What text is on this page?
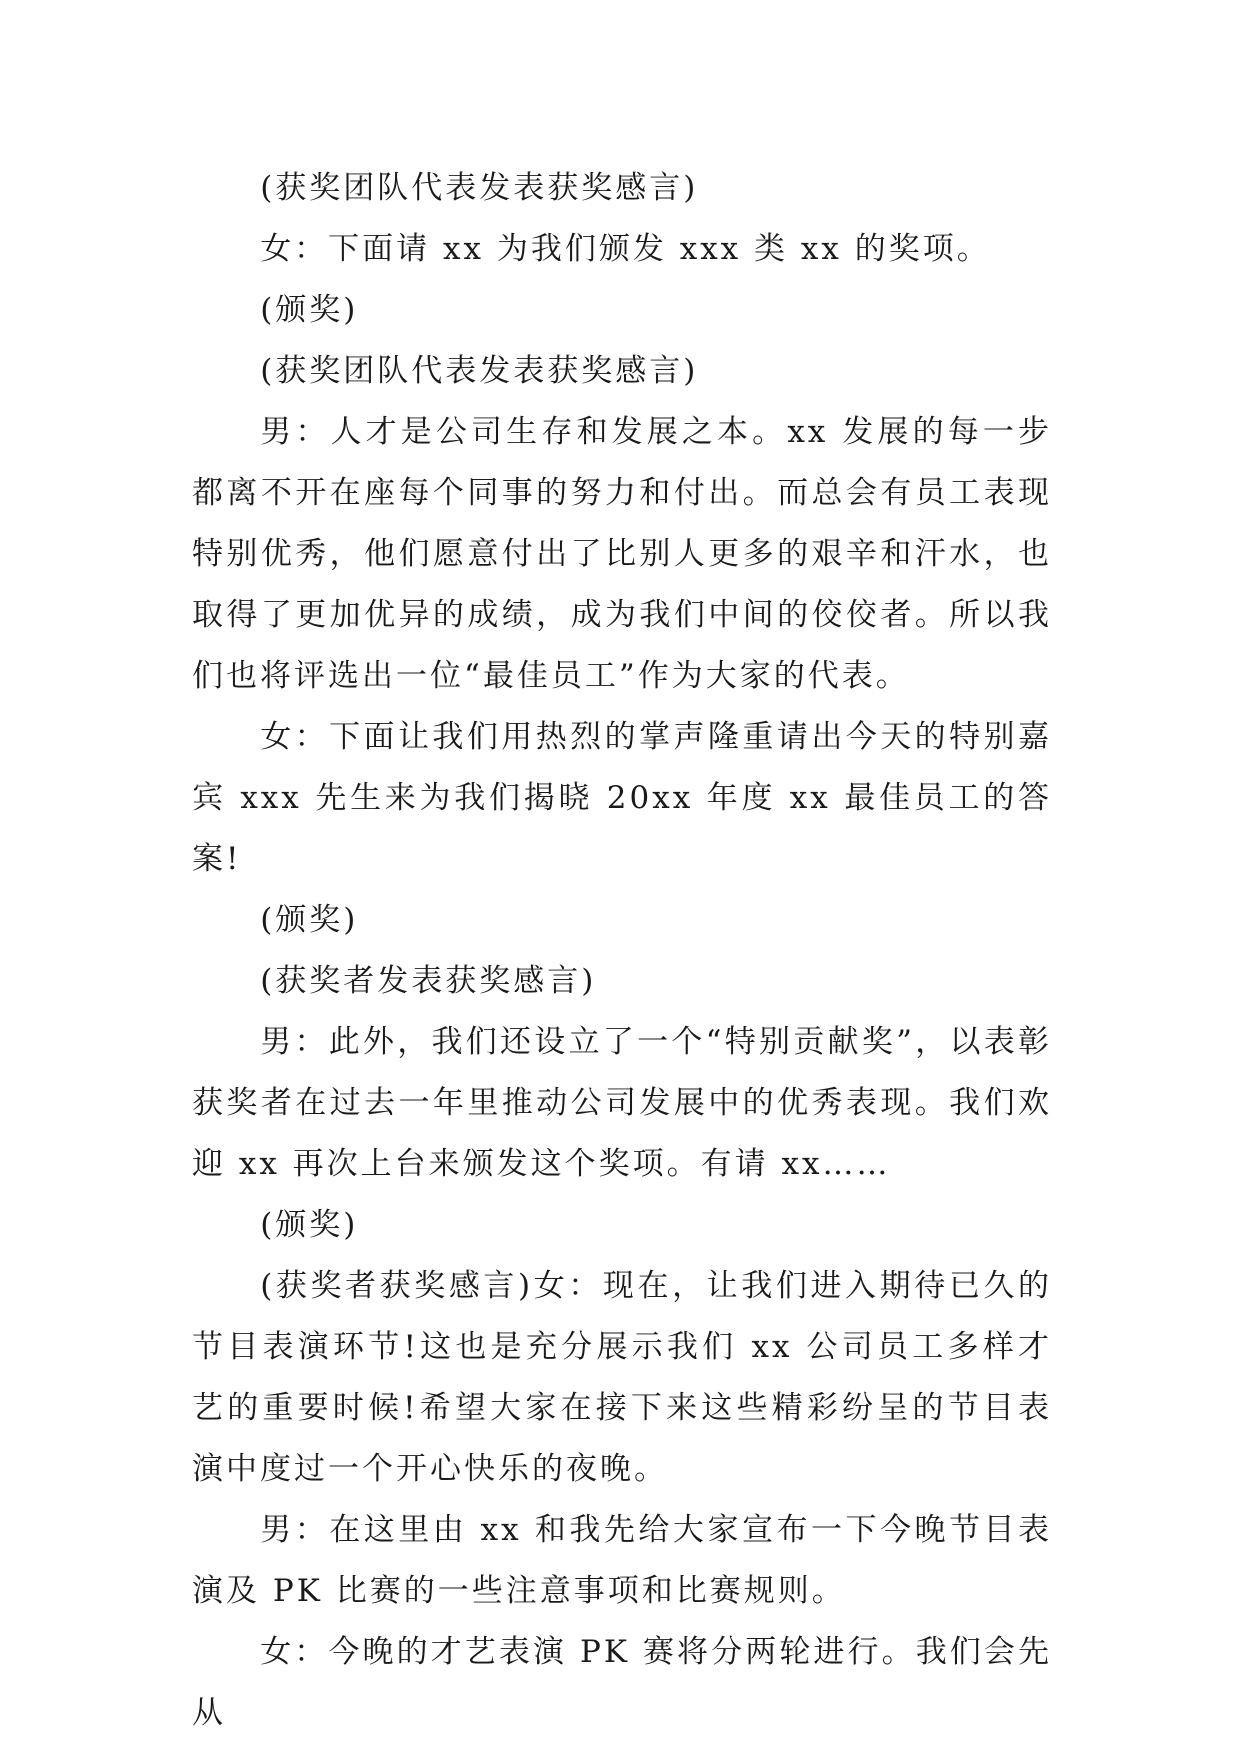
(获奖团队代表发表获奖感言)

女：下面请 xx 为我们颁发 xxx 类 xx 的奖项。

(颁奖)

(获奖团队代表发表获奖感言)

男：人才是公司生存和发展之本。xx 发展的每一步都离不开在座每个同事的努力和付出。而总会有员工表现特别优秀，他们愿意付出了比别人更多的艰辛和汗水，也取得了更加优异的成绩，成为我们中间的佼佼者。所以我们也将评选出一位“最佳员工”作为大家的代表。

女：下面让我们用热烈的掌声隆重请出今天的特别嘉宾 xxx 先生来为我们揭晓 20xx 年度 xx 最佳员工的答案!

(颁奖)

(获奖者发表获奖感言)

男：此外，我们还设立了一个“特别贡献奖”，以表彰获奖者在过去一年里推动公司发展中的优秀表现。我们欢迎 xx 再次上台来颁发这个奖项。有请 xx……

(颁奖)

(获奖者获奖感言)女：现在，让我们进入期待已久的节目表演环节!这也是充分展示我们 xx 公司员工多样才艺的重要时候!希望大家在接下来这些精彩纷呈的节目表演中度过一个开心快乐的夜晚。

男：在这里由 xx 和我先给大家宣布一下今晚节目表演及 PK 比赛的一些注意事项和比赛规则。

女：今晚的才艺表演 PK 赛将分两轮进行。我们会先从
